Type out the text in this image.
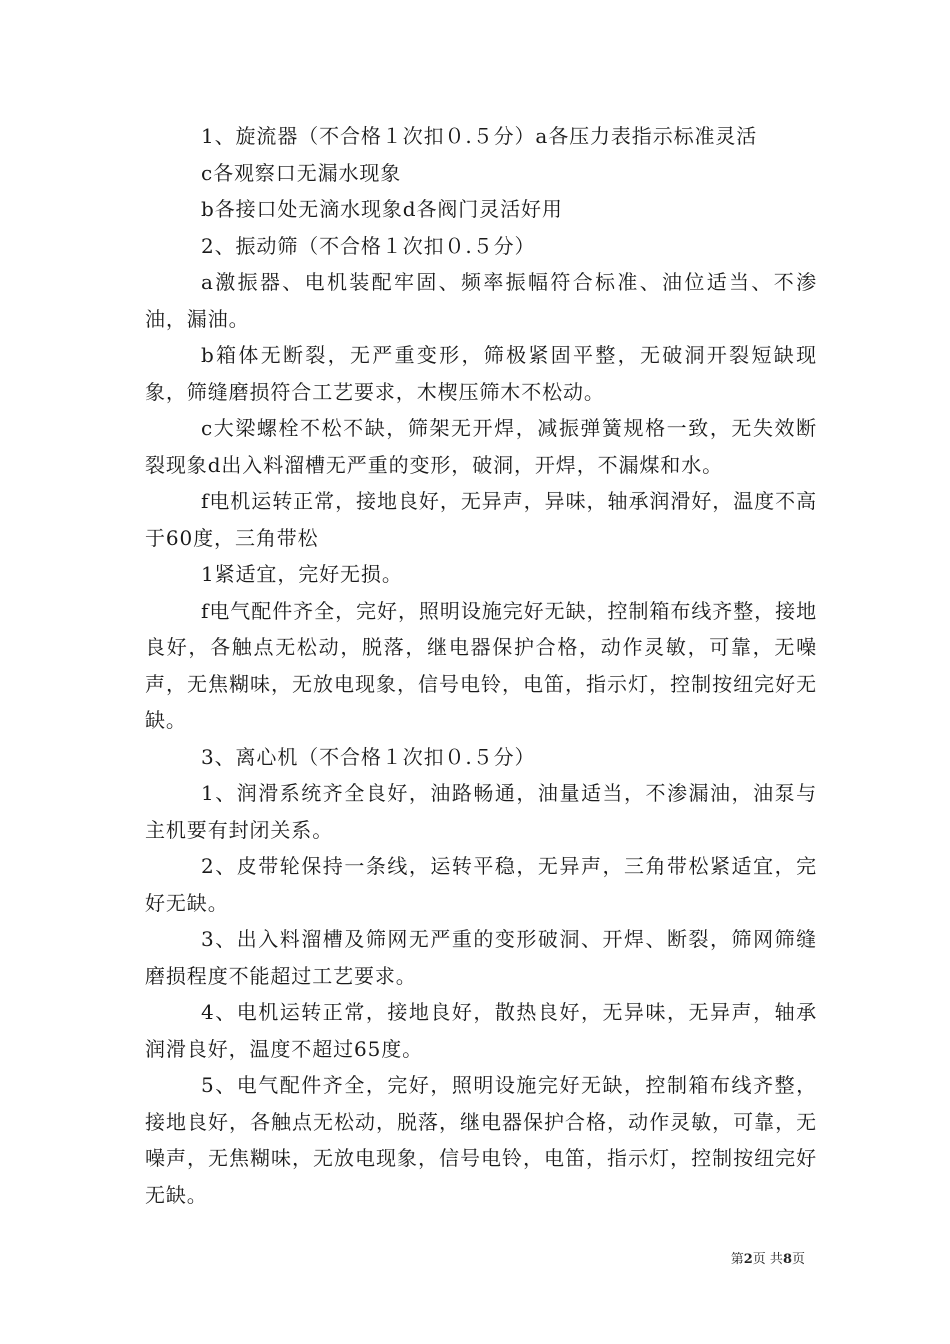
1、旋流器（不合格１次扣０.５分）a各压力表指示标准灵活

c各观察口无漏水现象

b各接口处无滴水现象d各阀门灵活好用

2、振动筛（不合格１次扣０.５分）

a激振器、电机装配牢固、频率振幅符合标准、油位适当、不渗油，漏油。

b箱体无断裂，无严重变形，筛极紧固平整，无破洞开裂短缺现象，筛缝磨损符合工艺要求，木楔压筛木不松动。

c大梁螺栓不松不缺，筛架无开焊，减振弹簧规格一致，无失效断裂现象d出入料溜槽无严重的变形，破洞，开焊，不漏煤和水。

f电机运转正常，接地良好，无异声，异味，轴承润滑好，温度不高于60度，三角带松

1紧适宜，完好无损。

f电气配件齐全，完好，照明设施完好无缺，控制箱布线齐整，接地良好，各触点无松动，脱落，继电器保护合格，动作灵敏，可靠，无噪声，无焦糊味，无放电现象，信号电铃，电笛，指示灯，控制按纽完好无缺。

3、离心机（不合格１次扣０.５分）

1、润滑系统齐全良好，油路畅通，油量适当，不渗漏油，油泵与主机要有封闭关系。

2、皮带轮保持一条线，运转平稳，无异声，三角带松紧适宜，完好无缺。

3、出入料溜槽及筛网无严重的变形破洞、开焊、断裂，筛网筛缝磨损程度不能超过工艺要求。

4、电机运转正常，接地良好，散热良好，无异味，无异声，轴承润滑良好，温度不超过65度。

5、电气配件齐全，完好，照明设施完好无缺，控制箱布线齐整，接地良好，各触点无松动，脱落，继电器保护合格，动作灵敏，可靠，无噪声，无焦糊味，无放电现象，信号电铃，电笛，指示灯，控制按纽完好无缺。

第2页 共8页
